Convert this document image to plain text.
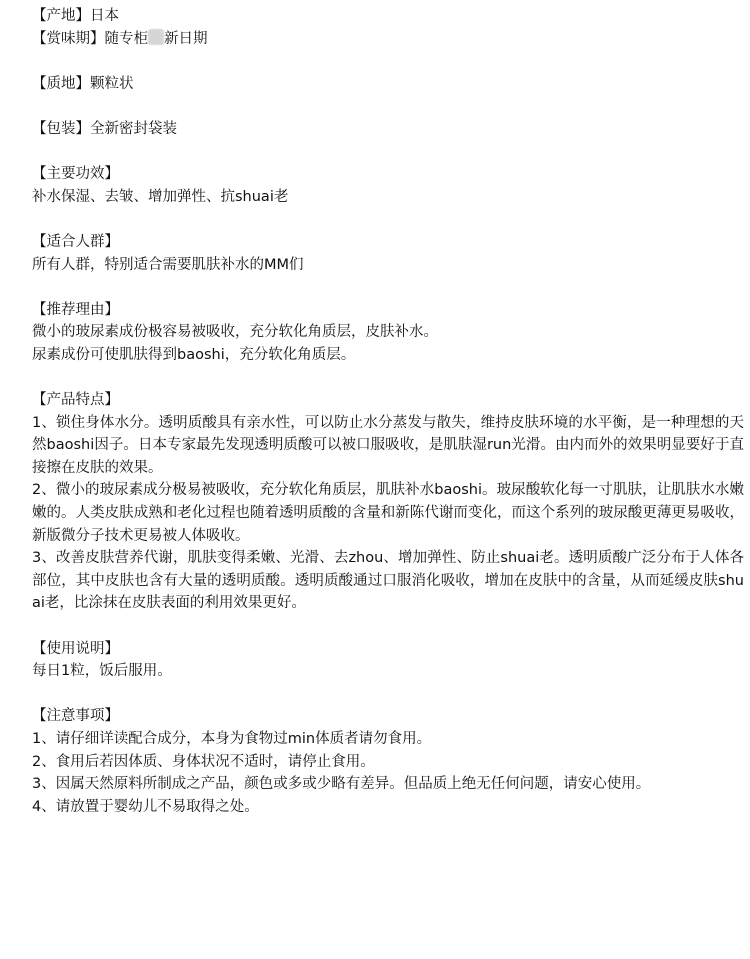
【产地】日本
【赏味期】随专柜 新日期
【质地】颗粒状
【包装】全新密封袋装
【主要功效】
补水保湿、去皱、增加弹性、抗shuai老
【适合人群】
所有人群，特别适合需要肌肤补水的MM们
【推荐理由】
微小的玻尿素成份极容易被吸收，充分软化角质层，皮肤补水。
尿素成份可使肌肤得到baoshi，充分软化角质层。
【产品特点】
1、锁住身体水分。透明质酸具有亲水性，可以防止水分蒸发与散失，维持皮肤环境的水平衡，是一种理想的天然baoshi因子。日本专家最先发现透明质酸可以被口服吸收，是肌肤湿run光滑。由内而外的效果明显要好于直接擦在皮肤的效果。
2、微小的玻尿素成分极易被吸收，充分软化角质层，肌肤补水baoshi。玻尿酸软化每一寸肌肤，让肌肤水水嫩嫩的。人类皮肤成熟和老化过程也随着透明质酸的含量和新陈代谢而变化，而这个系列的玻尿酸更薄更易吸收，新版微分子技术更易被人体吸收。
3、改善皮肤营养代谢，肌肤变得柔嫩、光滑、去zhou、增加弹性、防止shuai老。透明质酸广泛分布于人体各部位，其中皮肤也含有大量的透明质酸。透明质酸通过口服消化吸收，增加在皮肤中的含量，从而延缓皮肤shuai老，比涂抹在皮肤表面的利用效果更好。
【使用说明】
每日1粒，饭后服用。
【注意事项】
1、请仔细详读配合成分，本身为食物过min体质者请勿食用。
2、食用后若因体质、身体状况不适时，请停止食用。
3、因属天然原料所制成之产品，颜色或多或少略有差异。但品质上绝无任何问题，请安心使用。
4、请放置于婴幼儿不易取得之处。
